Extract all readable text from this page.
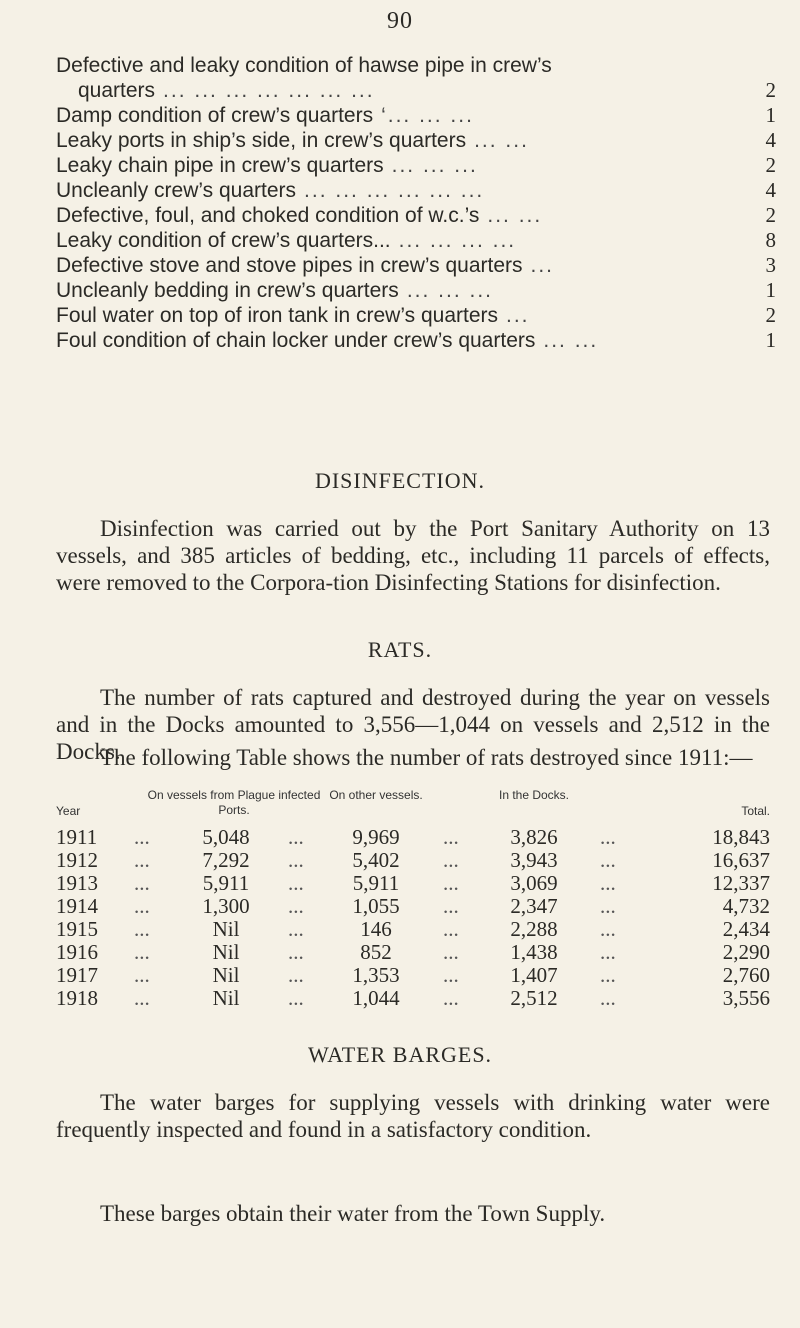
90
Defective and leaky condition of hawse pipe in crew’s
quarters ... ... ... ... ... ... ...	2
Damp condition of crew’s quarters ‘... ... ...	1
Leaky ports in ship’s side, in crew’s quarters ... ...	4
Leaky chain pipe in crew’s quarters ... ... ...	2
Uncleanly crew’s quarters ... ... ... ... ... ...	4
Defective, foul, and choked condition of w.c.’s ... ...	2
Leaky condition of crew’s quarters... ... ... ... ...	8
Defective stove and stove pipes in crew’s quarters ...	3
Uncleanly bedding in crew’s quarters ... ... ...	1
Foul water on top of iron tank in crew’s quarters ...	2
Foul condition of chain locker under crew’s quarters ... ...	1
DISINFECTION.
Disinfection was carried out by the Port Sanitary Authority on 13 vessels, and 385 articles of bedding, etc., including 11 parcels of effects, were removed to the Corpora-tion Disinfecting Stations for disinfection.
RATS.
The number of rats captured and destroyed during the year on vessels and in the Docks amounted to 3,556—1,044 on vessels and 2,512 in the Docks.
The following Table shows the number of rats destroyed since 1911:—
Year
On vessels from Plague infected Ports.
On other vessels.	In the Docks.
Total.
1911 ...	5,048	...	9,969	...	3,826	...	18,843
1912 ...	7,292	...	5,402	...	3,943	...	16,637
1913 ...	5,911	...	5,911	...	3,069	...	12,337
1914 ...	1,300	...	1,055	...	2,347	...	4,732
1915 ...	Nil	...	146	...	2,288	...	2,434
1916 ...	Nil	...	852	...	1,438	...	2,290
1917 ...	Nil	...	1,353	...	1,407	...	2,760
1918 ...	Nil	...	1,044	...	2,512	...	3,556
WATER BARGES.
The water barges for supplying vessels with drinking water were frequently inspected and found in a satisfactory condition.
These barges obtain their water from the Town Supply.
